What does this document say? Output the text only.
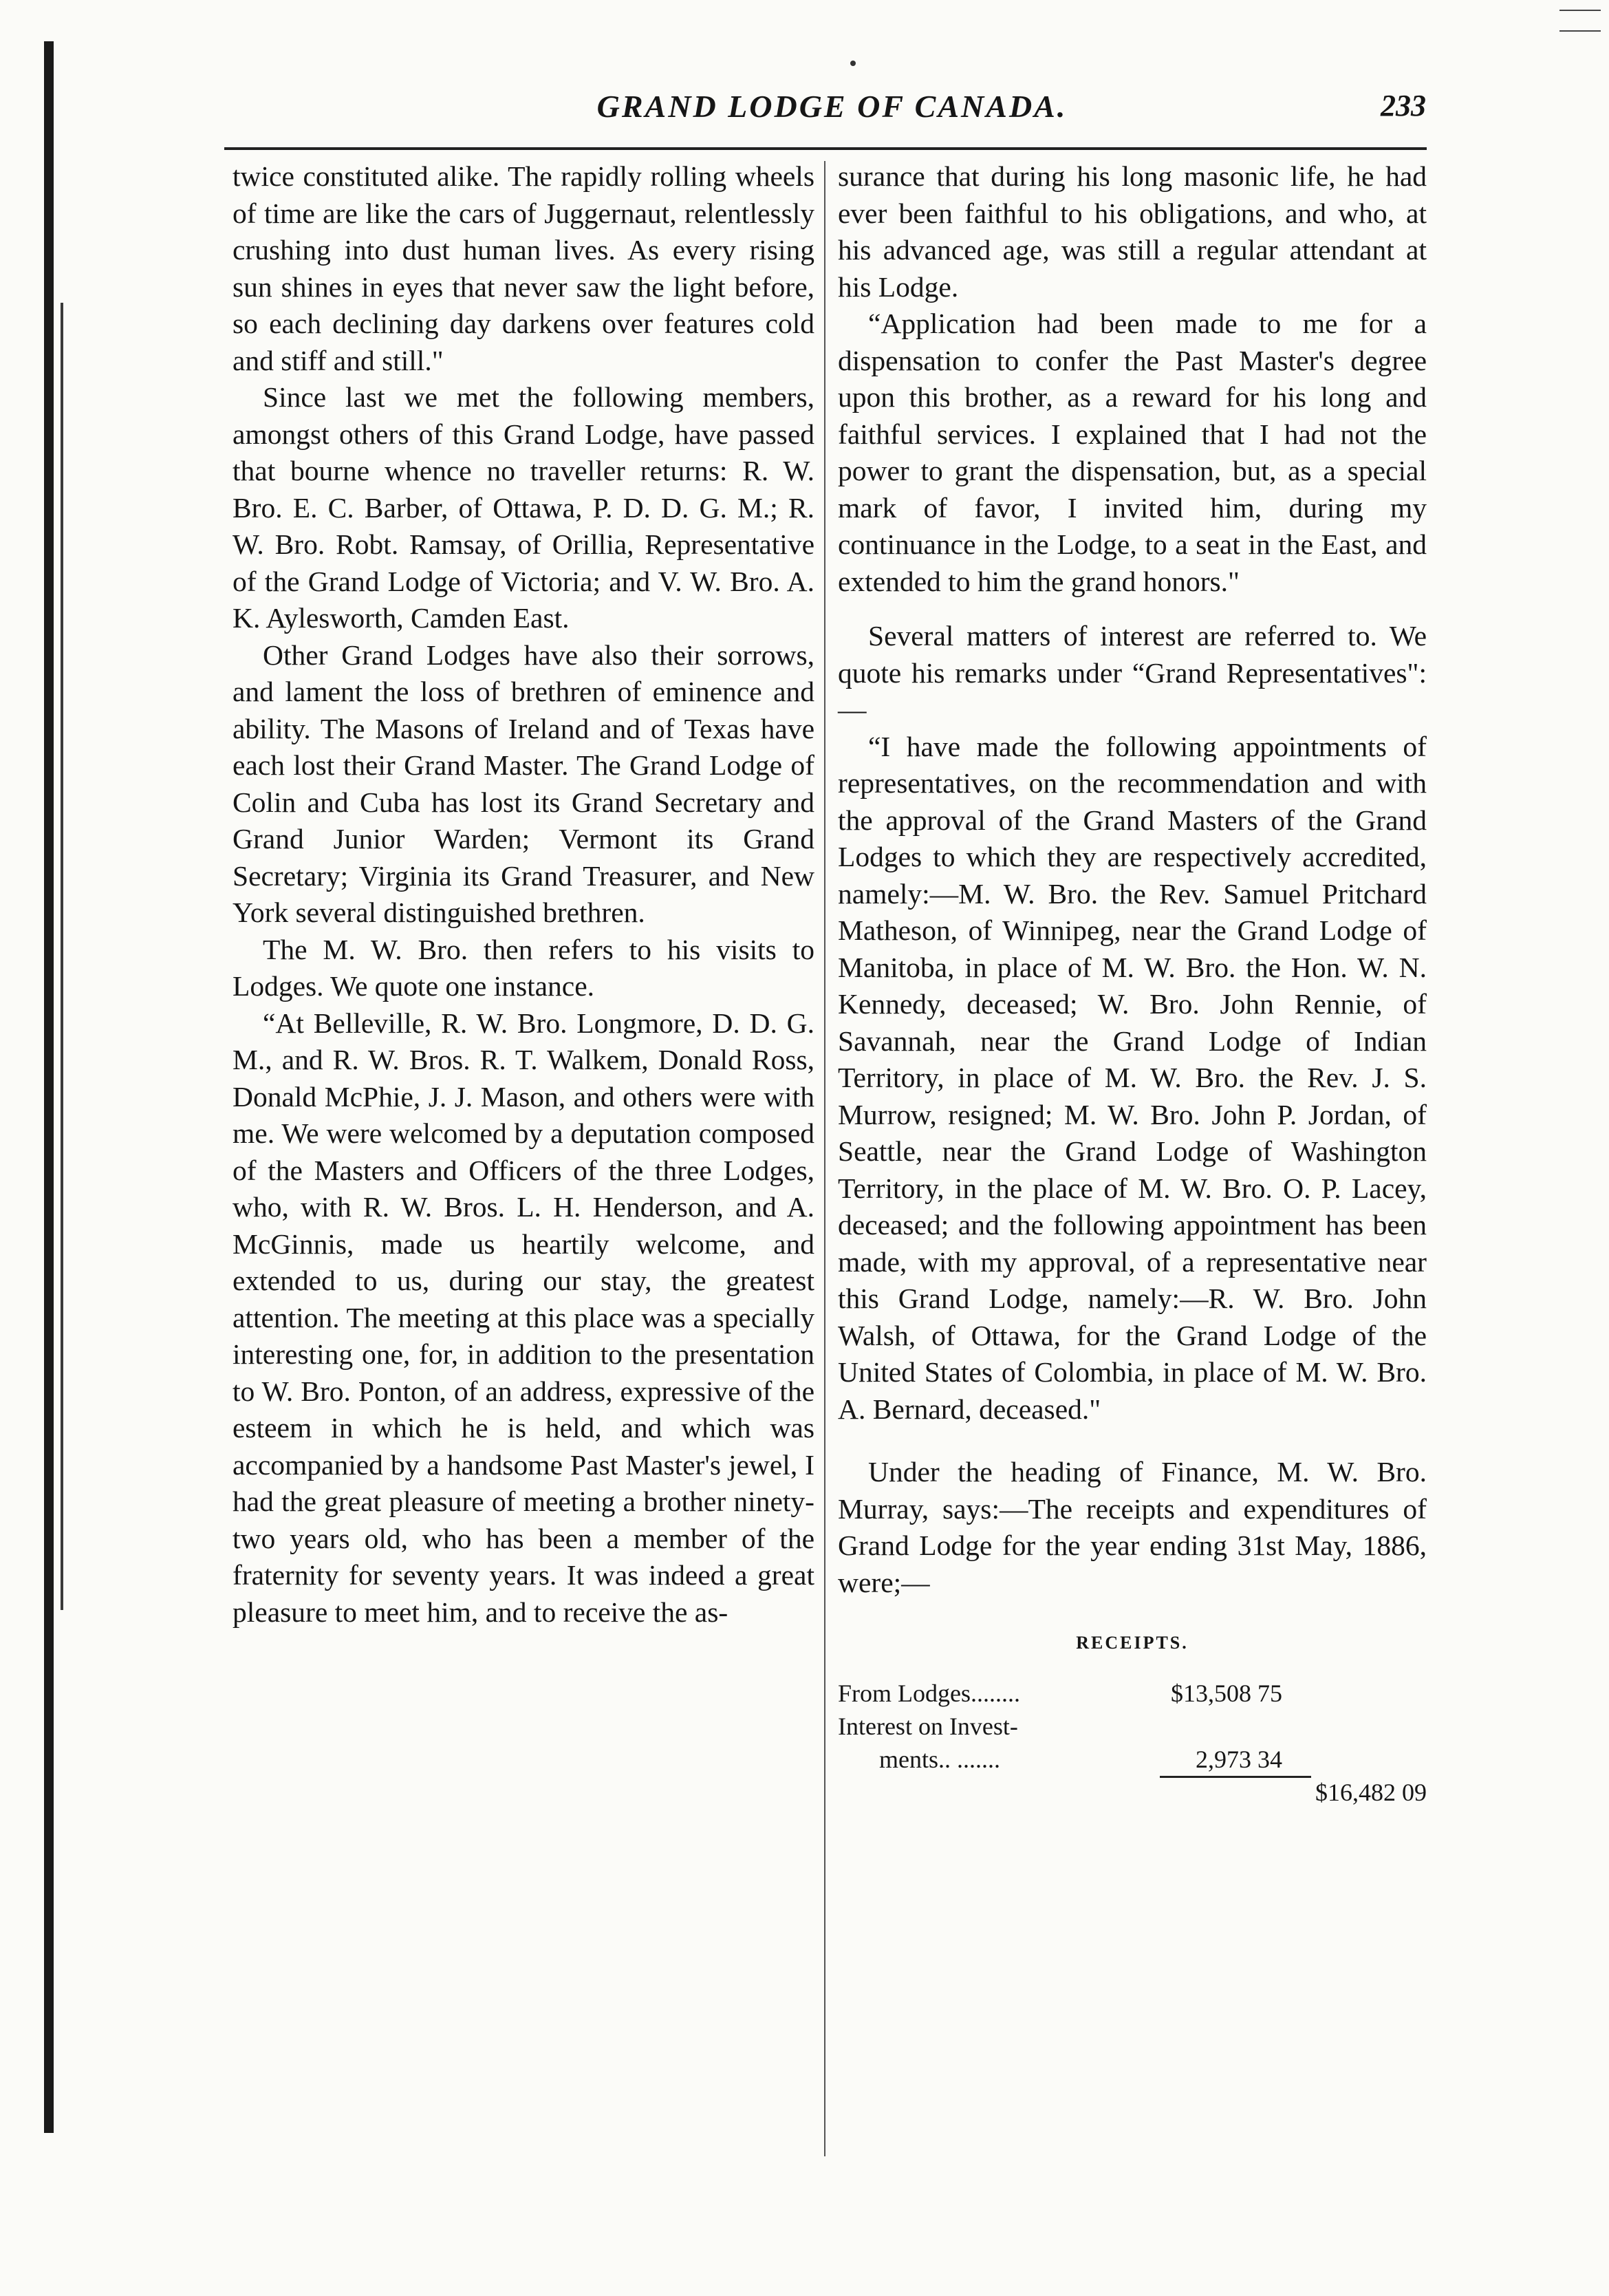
GRAND LODGE OF CANADA.	233

twice constituted alike. The rapidly rolling wheels of time are like the cars of Juggernaut, relentlessly crushing into dust human lives. As every rising sun shines in eyes that never saw the light before, so each declining day darkens over features cold and stiff and still."

Since last we met the following members, amongst others of this Grand Lodge, have passed that bourne whence no traveller returns: R. W. Bro. E. C. Barber, of Ottawa, P. D. D. G. M.; R. W. Bro. Robt. Ramsay, of Orillia, Representative of the Grand Lodge of Victoria; and V. W. Bro. A. K. Aylesworth, Camden East.

Other Grand Lodges have also their sorrows, and lament the loss of brethren of eminence and ability. The Masons of Ireland and of Texas have each lost their Grand Master. The Grand Lodge of Colin and Cuba has lost its Grand Secretary and Grand Junior Warden; Vermont its Grand Secretary; Virginia its Grand Treasurer, and New York several distinguished brethren.

The M. W. Bro. then refers to his visits to Lodges. We quote one instance.

“At Belleville, R. W. Bro. Longmore, D. D. G. M., and R. W. Bros. R. T. Walkem, Donald Ross, Donald McPhie, J. J. Mason, and others were with me. We were welcomed by a deputation composed of the Masters and Officers of the three Lodges, who, with R. W. Bros. L. H. Henderson, and A. McGinnis, made us heartily welcome, and extended to us, during our stay, the greatest attention. The meeting at this place was a specially interesting one, for, in addition to the presentation to W. Bro. Ponton, of an address, expressive of the esteem in which he is held, and which was accompanied by a handsome Past Master's jewel, I had the great pleasure of meeting a brother ninety-two years old, who has been a member of the fraternity for seventy years. It was indeed a great pleasure to meet him, and to receive the as-

surance that during his long masonic life, he had ever been faithful to his obligations, and who, at his advanced age, was still a regular attendant at his Lodge.

“Application had been made to me for a dispensation to confer the Past Master's degree upon this brother, as a reward for his long and faithful services. I explained that I had not the power to grant the dispensation, but, as a special mark of favor, I invited him, during my continuance in the Lodge, to a seat in the East, and extended to him the grand honors."

Several matters of interest are referred to. We quote his remarks under “Grand Representatives":—

“I have made the following appointments of representatives, on the recommendation and with the approval of the Grand Masters of the Grand Lodges to which they are respectively accredited, namely:—M. W. Bro. the Rev. Samuel Pritchard Matheson, of Winnipeg, near the Grand Lodge of Manitoba, in place of M. W. Bro. the Hon. W. N. Kennedy, deceased; W. Bro. John Rennie, of Savannah, near the Grand Lodge of Indian Territory, in place of M. W. Bro. the Rev. J. S. Murrow, resigned; M. W. Bro. John P. Jordan, of Seattle, near the Grand Lodge of Washington Territory, in the place of M. W. Bro. O. P. Lacey, deceased; and the following appointment has been made, with my approval, of a representative near this Grand Lodge, namely:—R. W. Bro. John Walsh, of Ottawa, for the Grand Lodge of the United States of Colombia, in place of M. W. Bro. A. Bernard, deceased."

Under the heading of Finance, M. W. Bro. Murray, says:—The receipts and expenditures of Grand Lodge for the year ending 31st May, 1886, were;—

RECEIPTS.
From Lodges........	$13,508 75
Interest on Invest-
ments.. .......	2,973 34
$16,482 09
